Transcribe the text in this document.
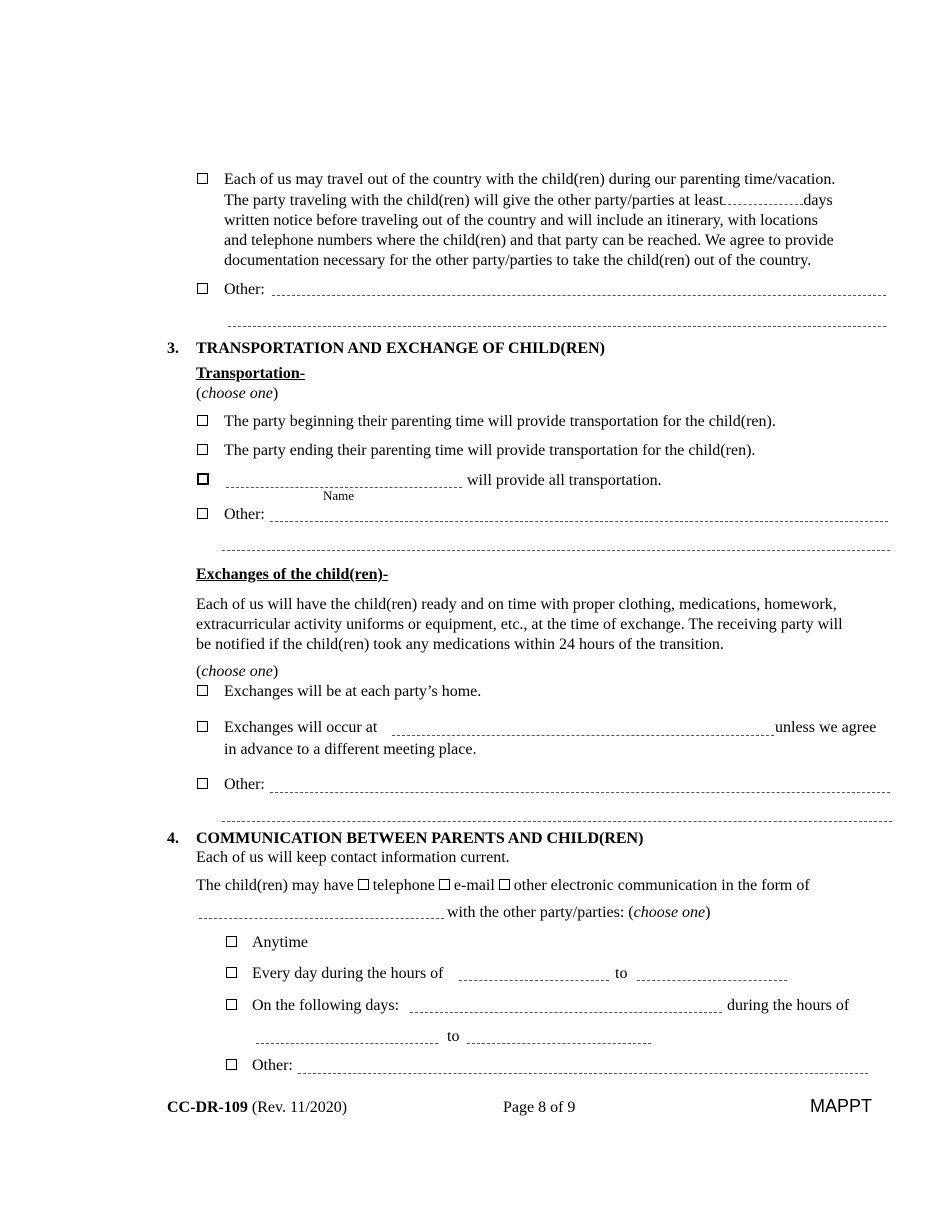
Each of us may travel out of the country with the child(ren) during our parenting time/vacation.
The party traveling with the child(ren) will give the other party/parties at least	days
written notice before traveling out of the country and will include an itinerary, with locations
and telephone numbers where the child(ren) and that party can be reached. We agree to provide
documentation necessary for the other party/parties to take the child(ren) out of the country.
Other:
3. TRANSPORTATION AND EXCHANGE OF CHILD(REN)
Transportation-
(choose one)
The party beginning their parenting time will provide transportation for the child(ren).
The party ending their parenting time will provide transportation for the child(ren).
will provide all transportation.
Name
Other:
Exchanges of the child(ren)-
Each of us will have the child(ren) ready and on time with proper clothing, medications, homework,
extracurricular activity uniforms or equipment, etc., at the time of exchange. The receiving party will
be notified if the child(ren) took any medications within 24 hours of the transition.
(choose one)
Exchanges will be at each party’s home.
Exchanges will occur at	unless we agree
in advance to a different meeting place.
Other:
4. COMMUNICATION BETWEEN PARENTS AND CHILD(REN)
Each of us will keep contact information current.
The child(ren) may have telephone e-mail other electronic communication in the form of
with the other party/parties: (choose one)
Anytime
Every day during the hours of	to
On the following days:	during the hours of
to
Other:
CC-DR-109 (Rev. 11/2020)	Page 8 of 9	MAPPT
